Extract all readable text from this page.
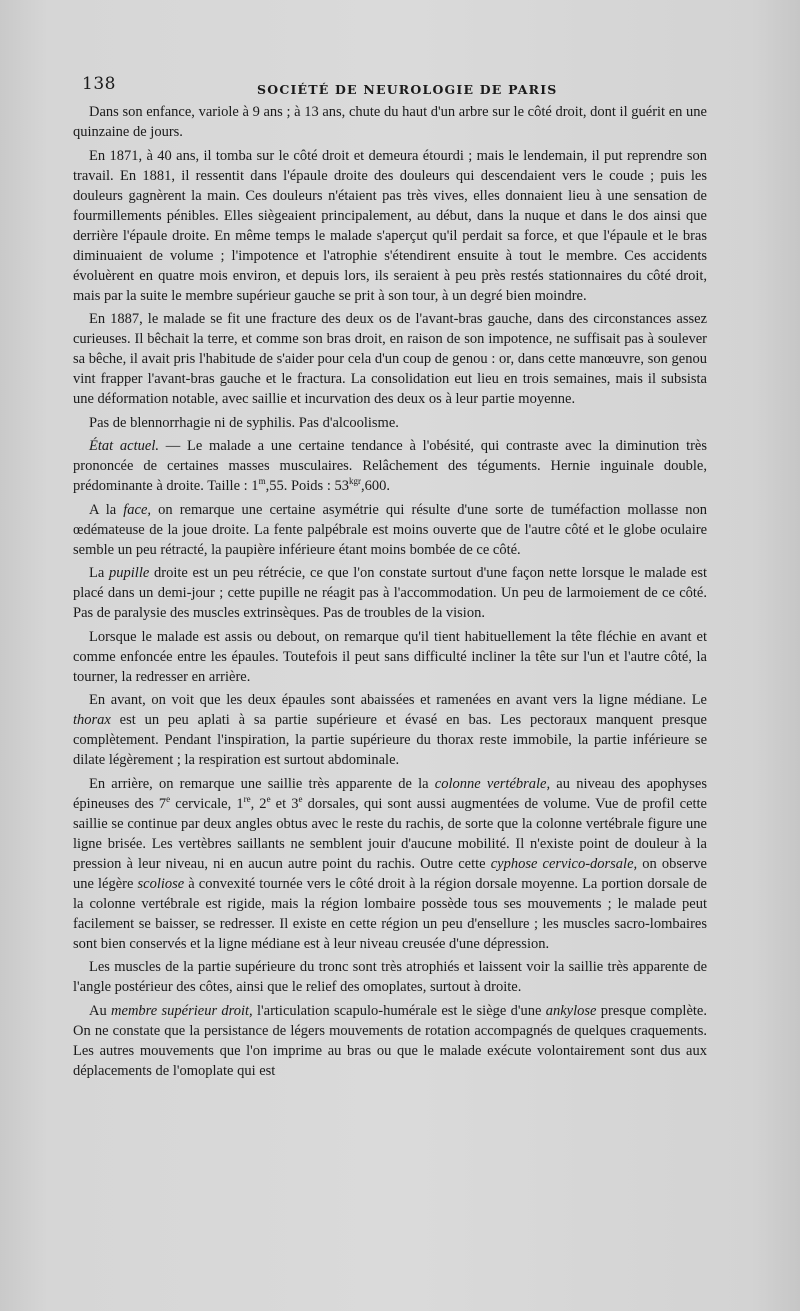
138	SOCIÉTÉ DE NEUROLOGIE DE PARIS

Dans son enfance, variole à 9 ans ; à 13 ans, chute du haut d'un arbre sur le côté droit, dont il guérit en une quinzaine de jours.

En 1871, à 40 ans, il tomba sur le côté droit et demeura étourdi ; mais le lendemain, il put reprendre son travail. En 1881, il ressentit dans l'épaule droite des douleurs qui descendaient vers le coude ; puis les douleurs gagnèrent la main. Ces douleurs n'étaient pas très vives, elles donnaient lieu à une sensation de fourmillements pénibles. Elles siègeaient principalement, au début, dans la nuque et dans le dos ainsi que derrière l'épaule droite. En même temps le malade s'aperçut qu'il perdait sa force, et que l'épaule et le bras diminuaient de volume ; l'impotence et l'atrophie s'étendirent ensuite à tout le membre. Ces accidents évoluèrent en quatre mois environ, et depuis lors, ils seraient à peu près restés stationnaires du côté droit, mais par la suite le membre supérieur gauche se prit à son tour, à un degré bien moindre.

En 1887, le malade se fit une fracture des deux os de l'avant-bras gauche, dans des circonstances assez curieuses. Il bêchait la terre, et comme son bras droit, en raison de son impotence, ne suffisait pas à soulever sa bêche, il avait pris l'habitude de s'aider pour cela d'un coup de genou : or, dans cette manœuvre, son genou vint frapper l'avant-bras gauche et le fractura. La consolidation eut lieu en trois semaines, mais il subsista une déformation notable, avec saillie et incurvation des deux os à leur partie moyenne.

Pas de blennorrhagie ni de syphilis. Pas d'alcoolisme.

État actuel. — Le malade a une certaine tendance à l'obésité, qui contraste avec la diminution très prononcée de certaines masses musculaires. Relâchement des téguments. Hernie inguinale double, prédominante à droite. Taille : 1$^m$,55. Poids : $53^{kgr},600$.

A la face, on remarque une certaine asymétrie qui résulte d'une sorte de tuméfaction mollasse non œdémateuse de la joue droite. La fente palpébrale est moins ouverte que de l'autre côté et le globe oculaire semble un peu rétracté, la paupière inférieure étant moins bombée de ce côté.

La pupille droite est un peu rétrécie, ce que l'on constate surtout d'une façon nette lorsque le malade est placé dans un demi-jour ; cette pupille ne réagit pas à l'accommodation. Un peu de larmoiement de ce côté. Pas de paralysie des muscles extrinsèques. Pas de troubles de la vision.

Lorsque le malade est assis ou debout, on remarque qu'il tient habituellement la tête fléchie en avant et comme enfoncée entre les épaules. Toutefois il peut sans difficulté incliner la tête sur l'un et l'autre côté, la tourner, la redresser en arrière.

En avant, on voit que les deux épaules sont abaissées et ramenées en avant vers la ligne médiane. Le thorax est un peu aplati à sa partie supérieure et évasé en bas. Les pectoraux manquent presque complètement. Pendant l'inspiration, la partie supérieure du thorax reste immobile, la partie inférieure se dilate légèrement ; la respiration est surtout abdominale.

En arrière, on remarque une saillie très apparente de la colonne vertébrale, au niveau des apophyses épineuses des 7e cervicale, 1re, 2e et 3e dorsales, qui sont aussi augmentées de volume. Vue de profil cette saillie se continue par deux angles obtus avec le reste du rachis, de sorte que la colonne vertébrale figure une ligne brisée. Les vertèbres saillants ne semblent jouir d'aucune mobilité. Il n'existe point de douleur à la pression à leur niveau, ni en aucun autre point du rachis. Outre cette cyphose cervico-dorsale, on observe une légère scoliose à convexité tournée vers le côté droit à la région dorsale moyenne. La portion dorsale de la colonne vertébrale est rigide, mais la région lombaire possède tous ses mouvements ; le malade peut facilement se baisser, se redresser. Il existe en cette région un peu d'ensellure ; les muscles sacro-lombaires sont bien conservés et la ligne médiane est à leur niveau creusée d'une dépression.

Les muscles de la partie supérieure du tronc sont très atrophiés et laissent voir la saillie très apparente de l'angle postérieur des côtes, ainsi que le relief des omoplates, surtout à droite.

Au membre supérieur droit, l'articulation scapulo-humérale est le siège d'une ankylose presque complète. On ne constate que la persistance de légers mouvements de rotation accompagnés de quelques craquements. Les autres mouvements que l'on imprime au bras ou que le malade exécute volontairement sont dus aux déplacements de l'omoplate qui est
